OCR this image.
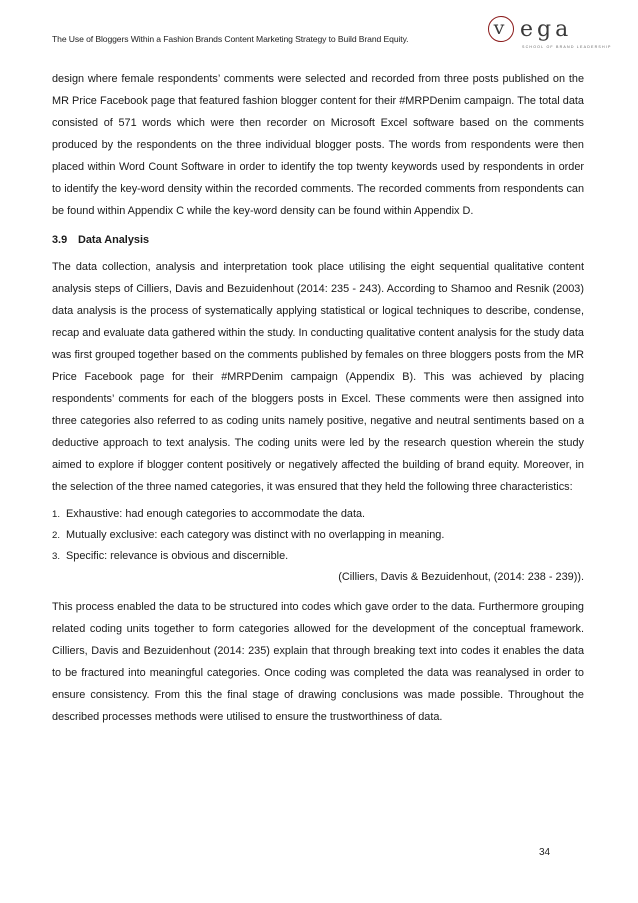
The Use of Bloggers Within a Fashion Brands Content Marketing Strategy to Build Brand Equity.	v ega
SCHOOL OF BRAND LEADERSHIP

design where female respondents’ comments were selected and recorded from three posts published on the MR Price Facebook page that featured fashion blogger content for their #MRPDenim campaign. The total data consisted of 571 words which were then recorder on Microsoft Excel software based on the comments produced by the respondents on the three individual blogger posts. The words from respondents were then placed within Word Count Software in order to identify the top twenty keywords used by respondents in order to identify the key-word density within the recorded comments. The recorded comments from respondents can be found within Appendix C while the key-word density can be found within Appendix D.

3.9 Data Analysis

The data collection, analysis and interpretation took place utilising the eight sequential qualitative content analysis steps of Cilliers, Davis and Bezuidenhout (2014: 235 - 243). According to Shamoo and Resnik (2003) data analysis is the process of systematically applying statistical or logical techniques to describe, condense, recap and evaluate data gathered within the study. In conducting qualitative content analysis for the study data was first grouped together based on the comments published by females on three bloggers posts from the MR Price Facebook page for their #MRPDenim campaign (Appendix B). This was achieved by placing respondents’ comments for each of the bloggers posts in Excel. These comments were then assigned into three categories also referred to as coding units namely positive, negative and neutral sentiments based on a deductive approach to text analysis. The coding units were led by the research question wherein the study aimed to explore if blogger content positively or negatively affected the building of brand equity. Moreover, in the selection of the three named categories, it was ensured that they held the following three characteristics:

1. Exhaustive: had enough categories to accommodate the data.
2. Mutually exclusive: each category was distinct with no overlapping in meaning.
3. Specific: relevance is obvious and discernible.

(Cilliers, Davis & Bezuidenhout, (2014: 238 - 239)).

This process enabled the data to be structured into codes which gave order to the data. Furthermore grouping related coding units together to form categories allowed for the development of the conceptual framework. Cilliers, Davis and Bezuidenhout (2014: 235) explain that through breaking text into codes it enables the data to be fractured into meaningful categories. Once coding was completed the data was reanalysed in order to ensure consistency. From this the final stage of drawing conclusions was made possible. Throughout the described processes methods were utilised to ensure the trustworthiness of data.

34
